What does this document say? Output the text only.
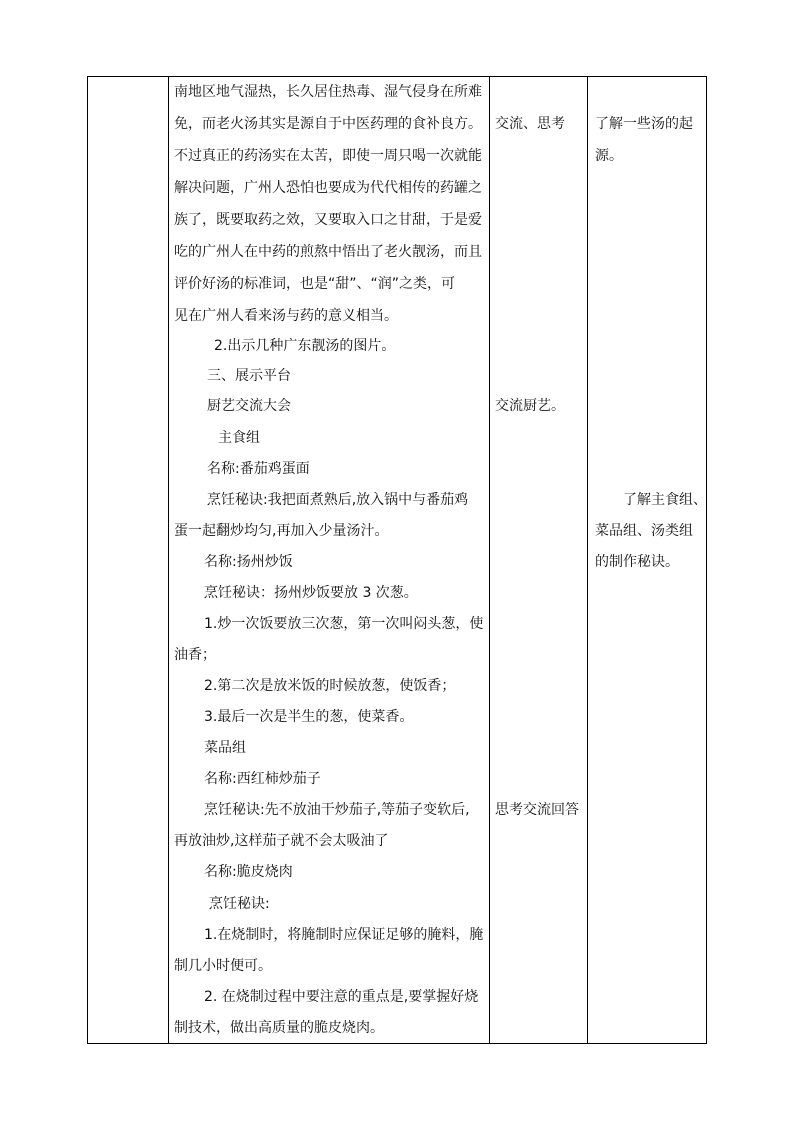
南地区地气湿热，长久居住热毒、湿气侵身在所难
免，而老火汤其实是源自于中医药理的食补良方。
不过真正的药汤实在太苦，即使一周只喝一次就能
解决问题，广州人恐怕也要成为代代相传的药罐之
族了，既要取药之效，又要取入口之甘甜，于是爱
吃的广州人在中药的煎熬中悟出了老火靓汤，而且
评价好汤的标准词，也是“甜”、“润”之类，可
见在广州人看来汤与药的意义相当。
2.出示几种广东靓汤的图片。
三、展示平台
厨艺交流大会
主食组
名称:番茄鸡蛋面
烹饪秘诀:我把面煮熟后,放入锅中与番茄鸡
蛋一起翻炒均匀,再加入少量汤汁。
名称:扬州炒饭
烹饪秘诀：扬州炒饭要放 3 次葱。
1.炒一次饭要放三次葱，第一次叫闷头葱，使
油香；
2.第二次是放米饭的时候放葱，使饭香；
3.最后一次是半生的葱，使菜香。
菜品组
名称:西红柿炒茄子
烹饪秘诀:先不放油干炒茄子,等茄子变软后,
再放油炒,这样茄子就不会太吸油了
名称:脆皮烧肉
烹饪秘诀:
1.在烧制时，将腌制时应保证足够的腌料，腌
制几小时便可。
2. 在烧制过程中要注意的重点是,要掌握好烧
制技术，做出高质量的脆皮烧肉。
交流、思考
交流厨艺。
思考交流回答
了解一些汤的起
源。
了解主食组、
菜品组、汤类组
的制作秘诀。
